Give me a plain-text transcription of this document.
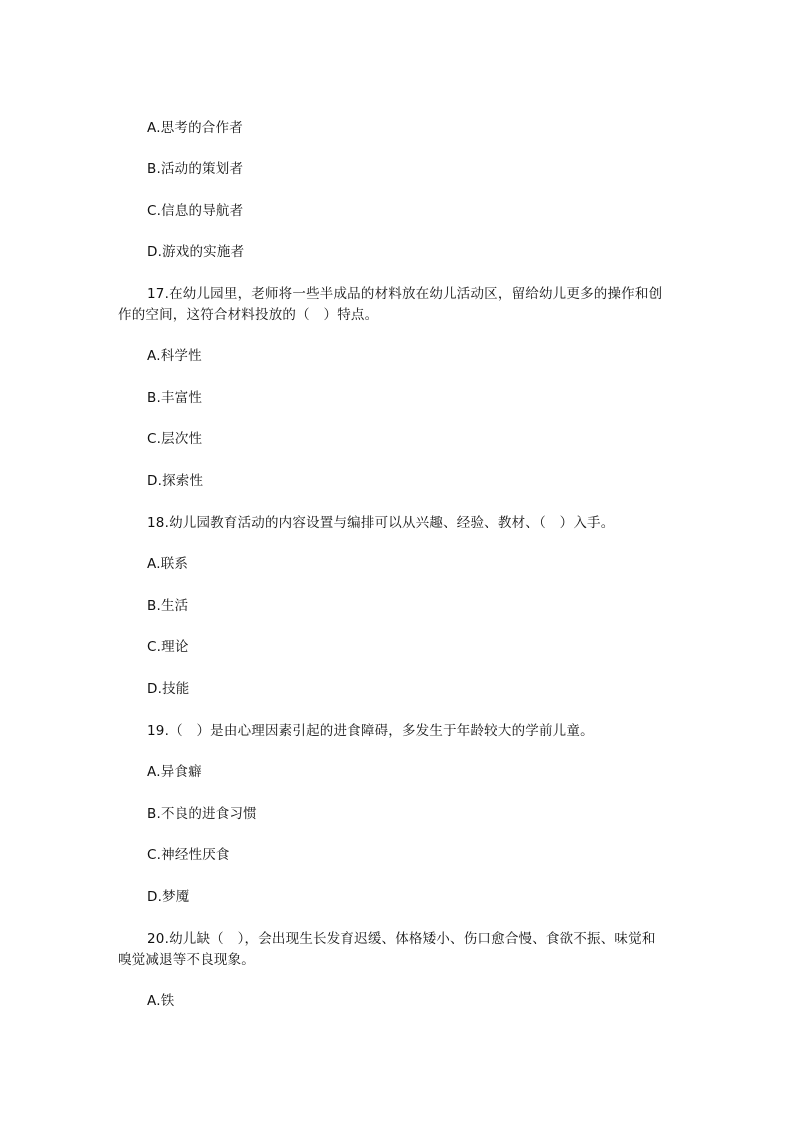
A.思考的合作者
B.活动的策划者
C.信息的导航者
D.游戏的实施者
17.在幼儿园里，老师将一些半成品的材料放在幼儿活动区，留给幼儿更多的操作和创
作的空间，这符合材料投放的（　）特点。
A.科学性
B.丰富性
C.层次性
D.探索性
18.幼儿园教育活动的内容设置与编排可以从兴趣、经验、教材、（　）入手。
A.联系
B.生活
C.理论
D.技能
19.（　）是由心理因素引起的进食障碍，多发生于年龄较大的学前儿童。
A.异食癖
B.不良的进食习惯
C.神经性厌食
D.梦魇
20.幼儿缺（　），会出现生长发育迟缓、体格矮小、伤口愈合慢、食欲不振、味觉和
嗅觉减退等不良现象。
A.铁
